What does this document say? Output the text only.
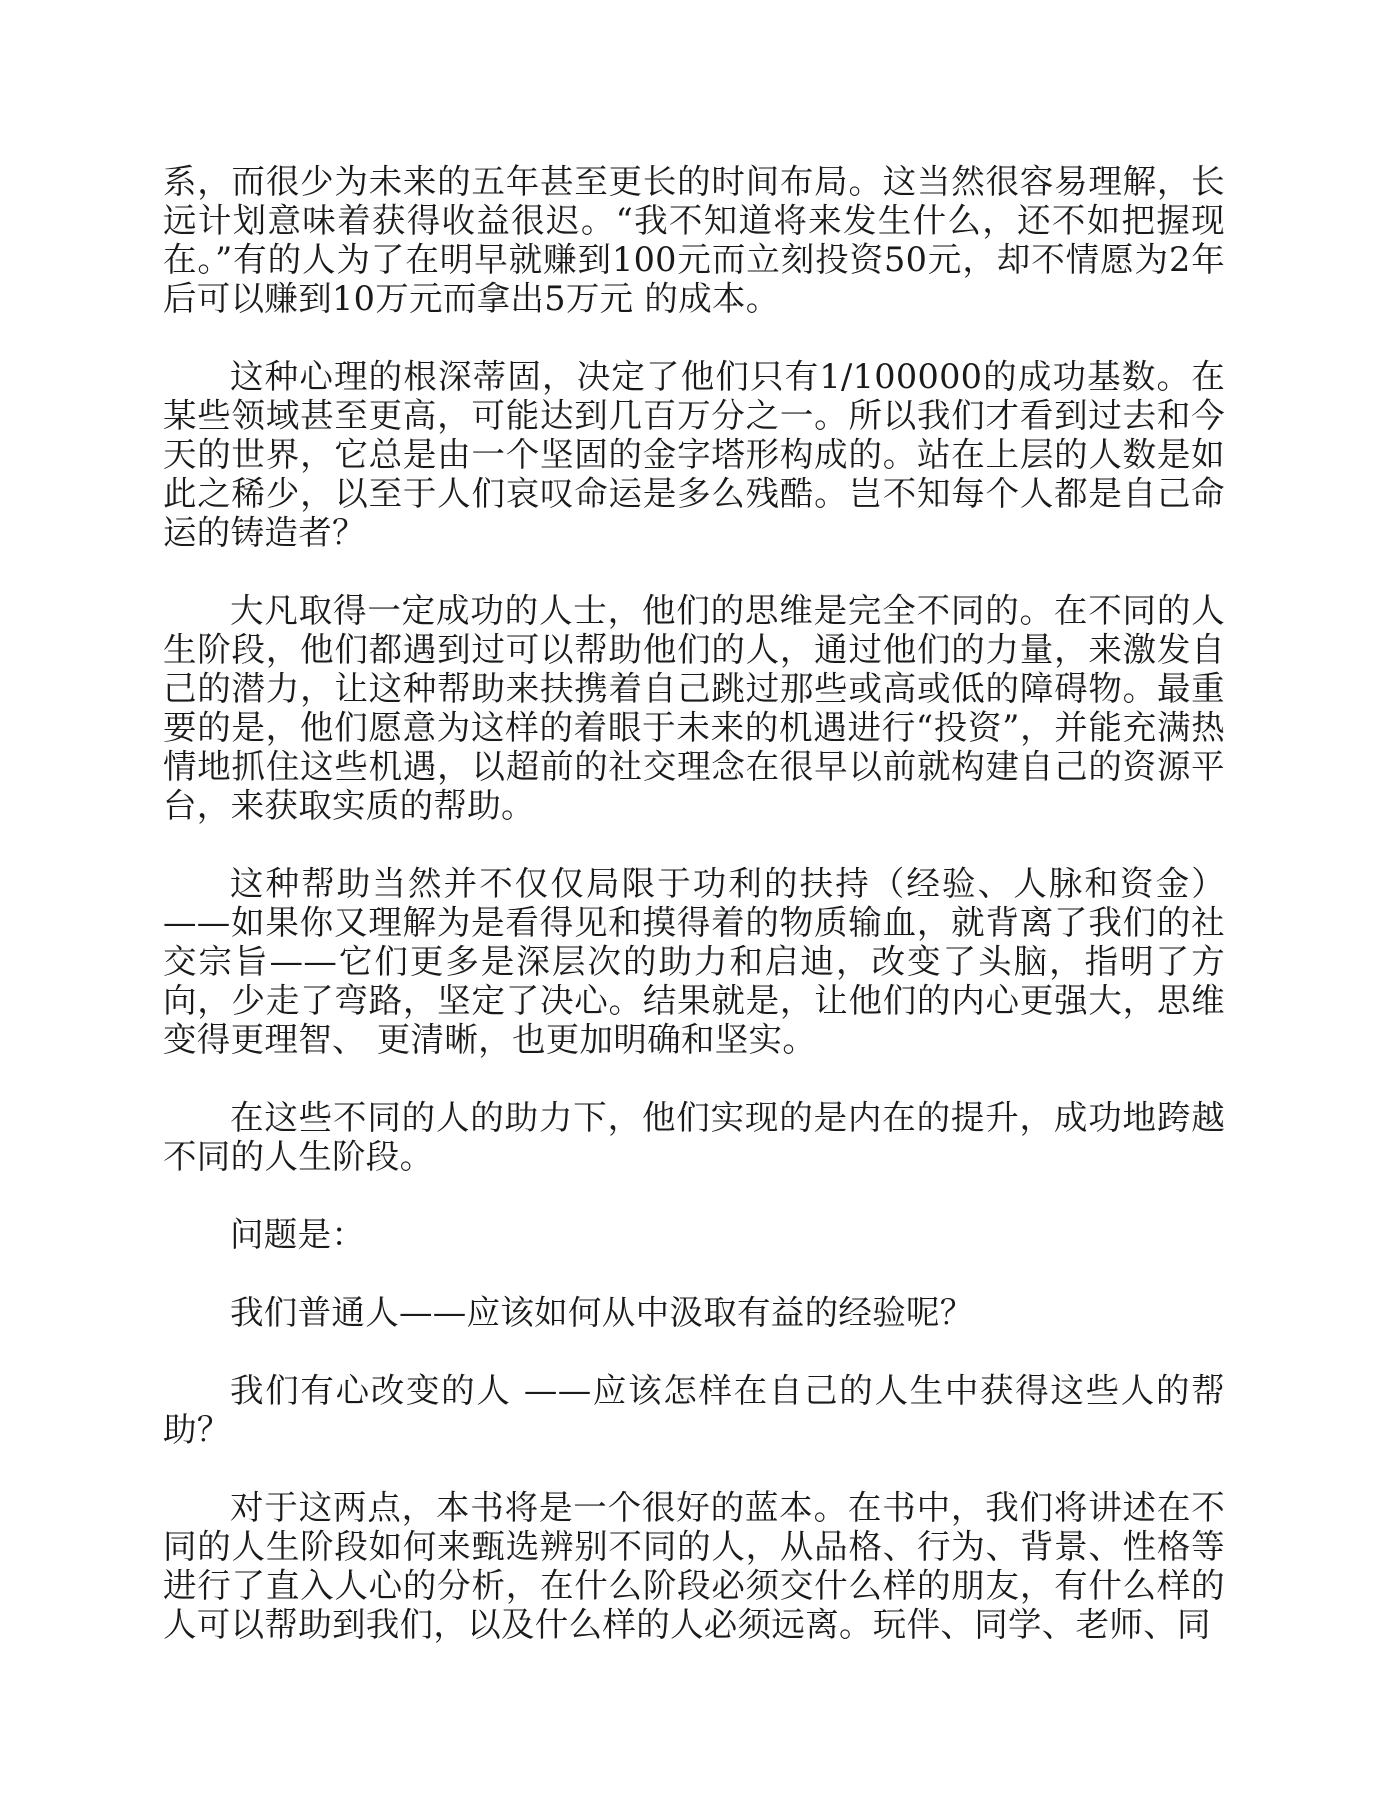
系，而很少为未来的五年甚至更长的时间布局。这当然很容易理解，长远计划意味着获得收益很迟。“我不知道将来发生什么，还不如把握现在。”有的人为了在明早就赚到100元而立刻投资50元，却不情愿为2年后可以赚到10万元而拿出5万元 的成本。

这种心理的根深蒂固，决定了他们只有1/100000的成功基数。在某些领域甚至更高，可能达到几百万分之一。所以我们才看到过去和今天的世界，它总是由一个坚固的金字塔形构成的。站在上层的人数是如此之稀少，以至于人们哀叹命运是多么残酷。岂不知每个人都是自己命运的铸造者？

大凡取得一定成功的人士，他们的思维是完全不同的。在不同的人生阶段，他们都遇到过可以帮助他们的人，通过他们的力量，来激发自己的潜力，让这种帮助来扶携着自己跳过那些或高或低的障碍物。最重要的是，他们愿意为这样的着眼于未来的机遇进行“投资”，并能充满热情地抓住这些机遇，以超前的社交理念在很早以前就构建自己的资源平台，来获取实质的帮助。

这种帮助当然并不仅仅局限于功利的扶持（经验、人脉和资金）——如果你又理解为是看得见和摸得着的物质输血，就背离了我们的社交宗旨——它们更多是深层次的助力和启迪，改变了头脑，指明了方向，少走了弯路，坚定了决心。结果就是，让他们的内心更强大，思维变得更理智、 更清晰，也更加明确和坚实。

在这些不同的人的助力下，他们实现的是内在的提升，成功地跨越不同的人生阶段。

问题是：

我们普通人——应该如何从中汲取有益的经验呢？

我们有心改变的人 ——应该怎样在自己的人生中获得这些人的帮助？

对于这两点，本书将是一个很好的蓝本。在书中，我们将讲述在不同的人生阶段如何来甄选辨别不同的人，从品格、行为、背景、性格等进行了直入人心的分析，在什么阶段必须交什么样的朋友，有什么样的人可以帮助到我们，以及什么样的人必须远离。玩伴、同学、老师、同
